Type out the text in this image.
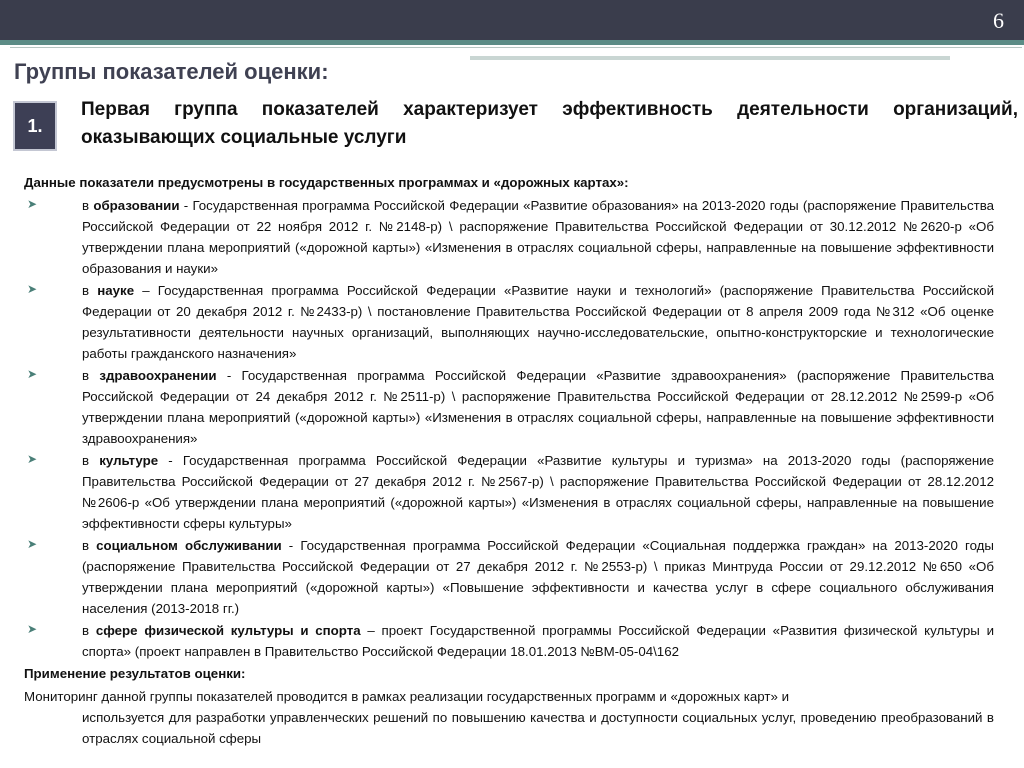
6
Группы показателей оценки:
1.
Первая группа показателей характеризует эффективность деятельности организаций, оказывающих социальные услуги
Данные показатели предусмотрены в государственных программах и «дорожных картах»:
➤	в образовании - Государственная программа Российской Федерации «Развитие образования» на 2013-2020 годы (распоряжение Правительства Российской Федерации от 22 ноября 2012 г. №2148-р) \ распоряжение Правительства Российской Федерации от 30.12.2012 №2620-р «Об утверждении плана мероприятий («дорожной карты») «Изменения в отраслях социальной сферы, направленные на повышение эффективности образования и науки»
➤	в науке – Государственная программа Российской Федерации «Развитие науки и технологий» (распоряжение Правительства Российской Федерации от 20 декабря 2012 г. №2433-р) \ постановление Правительства Российской Федерации от 8 апреля 2009 года №312 «Об оценке результативности деятельности научных организаций, выполняющих научно-исследовательские, опытно-конструкторские и технологические работы гражданского назначения»
➤	в здравоохранении - Государственная программа Российской Федерации «Развитие здравоохранения» (распоряжение Правительства Российской Федерации от 24 декабря 2012 г. №2511-р) \ распоряжение Правительства Российской Федерации от 28.12.2012 №2599-р «Об утверждении плана мероприятий («дорожной карты») «Изменения в отраслях социальной сферы, направленные на повышение эффективности здравоохранения»
➤	в культуре - Государственная программа Российской Федерации «Развитие культуры и туризма» на 2013-2020 годы (распоряжение Правительства Российской Федерации от 27 декабря 2012 г. №2567-р) \ распоряжение Правительства Российской Федерации от 28.12.2012 №2606-р «Об утверждении плана мероприятий («дорожной карты») «Изменения в отраслях социальной сферы, направленные на повышение эффективности сферы культуры»
➤	в социальном обслуживании - Государственная программа Российской Федерации «Социальная поддержка граждан» на 2013-2020 годы (распоряжение Правительства Российской Федерации от 27 декабря 2012 г. №2553-р) \ приказ Минтруда России от 29.12.2012 №650 «Об утверждении плана мероприятий («дорожной карты») «Повышение эффективности и качества услуг в сфере социального обслуживания населения (2013-2018 гг.)
➤	в сфере физической культуры и спорта – проект Государственной программы Российской Федерации «Развития физической культуры и спорта» (проект направлен в Правительство Российской Федерации 18.01.2013 №ВМ-05-04\162
Применение результатов оценки:
Мониторинг данной группы показателей проводится в рамках реализации государственных программ и «дорожных карт» и
используется для разработки управленческих решений по повышению качества и доступности социальных услуг, проведению преобразований в отраслях социальной сферы
